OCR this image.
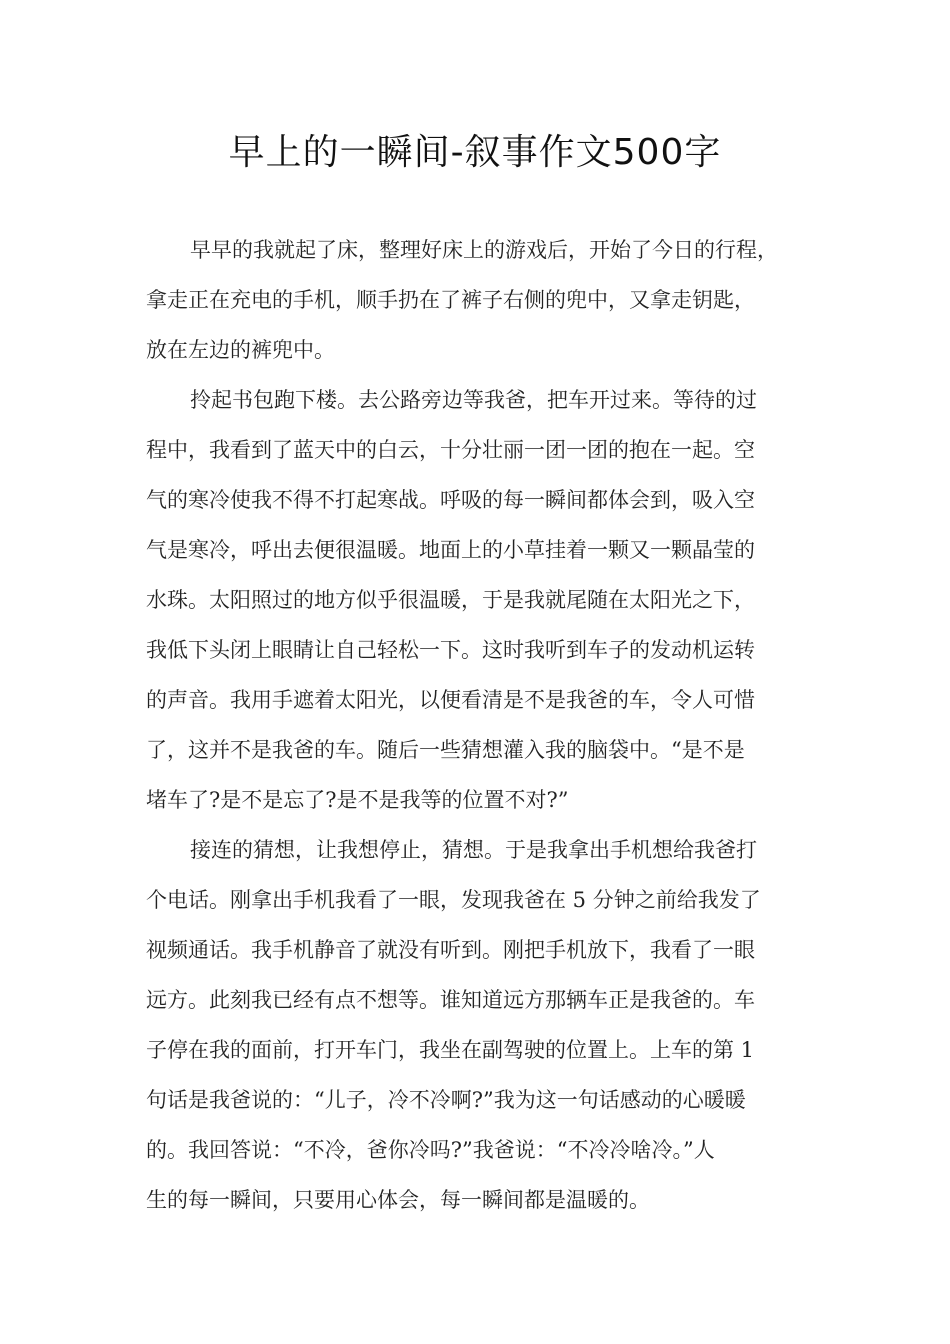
早上的一瞬间-叙事作文500字
早早的我就起了床，整理好床上的游戏后，开始了今日的行程，
拿走正在充电的手机，顺手扔在了裤子右侧的兜中，又拿走钥匙，
放在左边的裤兜中。
拎起书包跑下楼。去公路旁边等我爸，把车开过来。等待的过
程中，我看到了蓝天中的白云，十分壮丽一团一团的抱在一起。空
气的寒冷使我不得不打起寒战。呼吸的每一瞬间都体会到，吸入空
气是寒冷，呼出去便很温暖。地面上的小草挂着一颗又一颗晶莹的
水珠。太阳照过的地方似乎很温暖，于是我就尾随在太阳光之下，
我低下头闭上眼睛让自己轻松一下。这时我听到车子的发动机运转
的声音。我用手遮着太阳光，以便看清是不是我爸的车，令人可惜
了，这并不是我爸的车。随后一些猜想灌入我的脑袋中。“是不是
堵车了?是不是忘了?是不是我等的位置不对?”
接连的猜想，让我想停止，猜想。于是我拿出手机想给我爸打
个电话。刚拿出手机我看了一眼，发现我爸在 5 分钟之前给我发了
视频通话。我手机静音了就没有听到。刚把手机放下，我看了一眼
远方。此刻我已经有点不想等。谁知道远方那辆车正是我爸的。车
子停在我的面前，打开车门，我坐在副驾驶的位置上。上车的第 1
句话是我爸说的：“儿子，冷不冷啊?”我为这一句话感动的心暖暖
的。我回答说：“不冷，爸你冷吗?”我爸说：“不冷冷啥冷。”人
生的每一瞬间，只要用心体会，每一瞬间都是温暖的。
